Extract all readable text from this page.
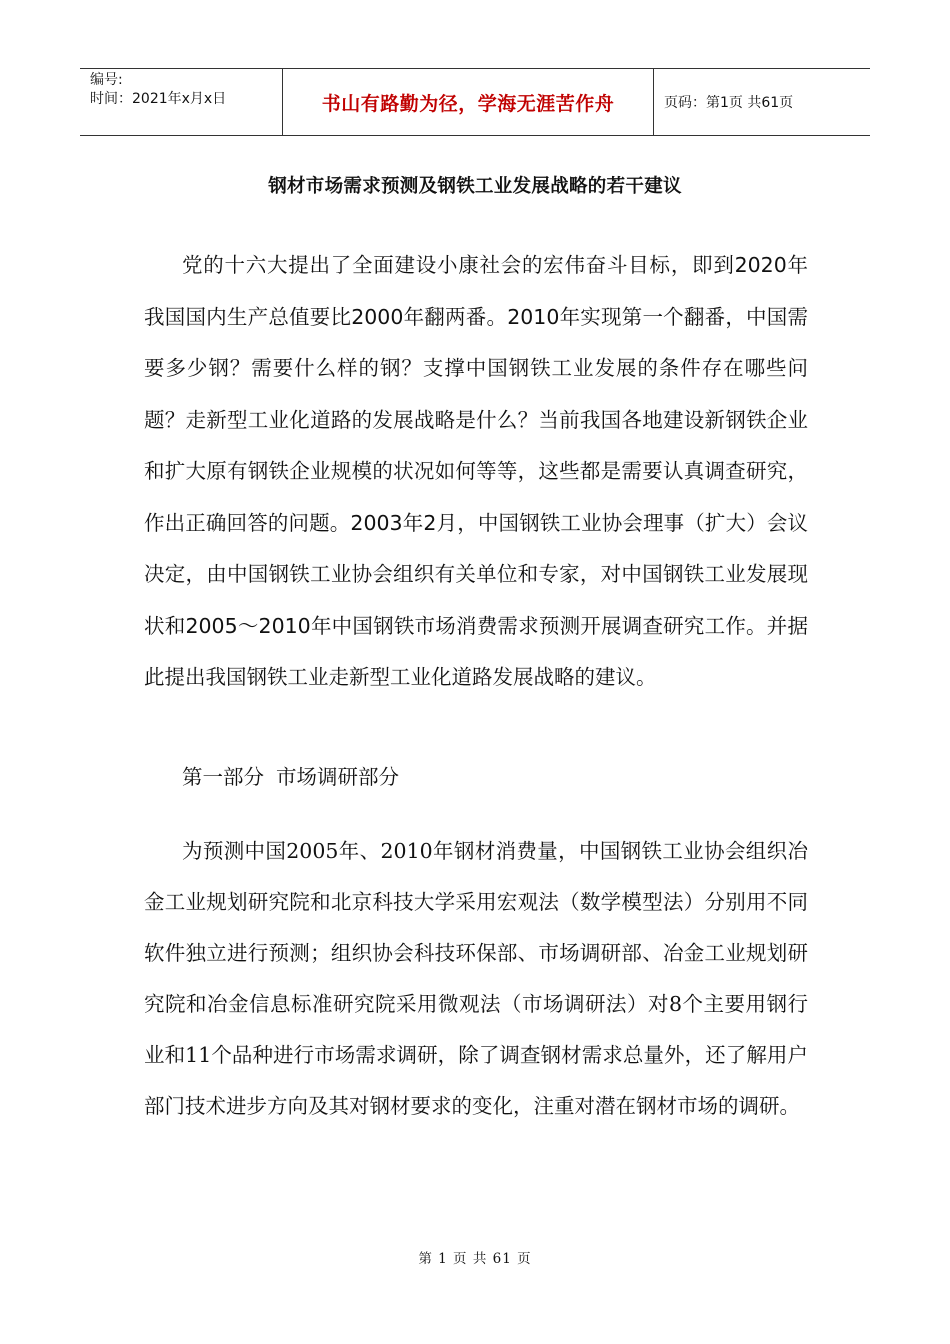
编号:
时间：2021年x月x日	书山有路勤为径，学海无涯苦作舟	页码：第1页 共61页
钢材市场需求预测及钢铁工业发展战略的若干建议

党的十六大提出了全面建设小康社会的宏伟奋斗目标，即到2020年我国国内生产总值要比2000年翻两番。2010年实现第一个翻番，中国需要多少钢？需要什么样的钢？支撑中国钢铁工业发展的条件存在哪些问题？走新型工业化道路的发展战略是什么？当前我国各地建设新钢铁企业和扩大原有钢铁企业规模的状况如何等等，这些都是需要认真调查研究，作出正确回答的问题。2003年2月，中国钢铁工业协会理事（扩大）会议决定，由中国钢铁工业协会组织有关单位和专家，对中国钢铁工业发展现状和2005～2010年中国钢铁市场消费需求预测开展调查研究工作。并据此提出我国钢铁工业走新型工业化道路发展战略的建议。

第一部分 市场调研部分

为预测中国2005年、2010年钢材消费量，中国钢铁工业协会组织冶金工业规划研究院和北京科技大学采用宏观法（数学模型法）分别用不同软件独立进行预测；组织协会科技环保部、市场调研部、冶金工业规划研究院和冶金信息标准研究院采用微观法（市场调研法）对8个主要用钢行业和11个品种进行市场需求调研，除了调查钢材需求总量外，还了解用户部门技术进步方向及其对钢材要求的变化，注重对潜在钢材市场的调研。

第 1 页 共 61 页
